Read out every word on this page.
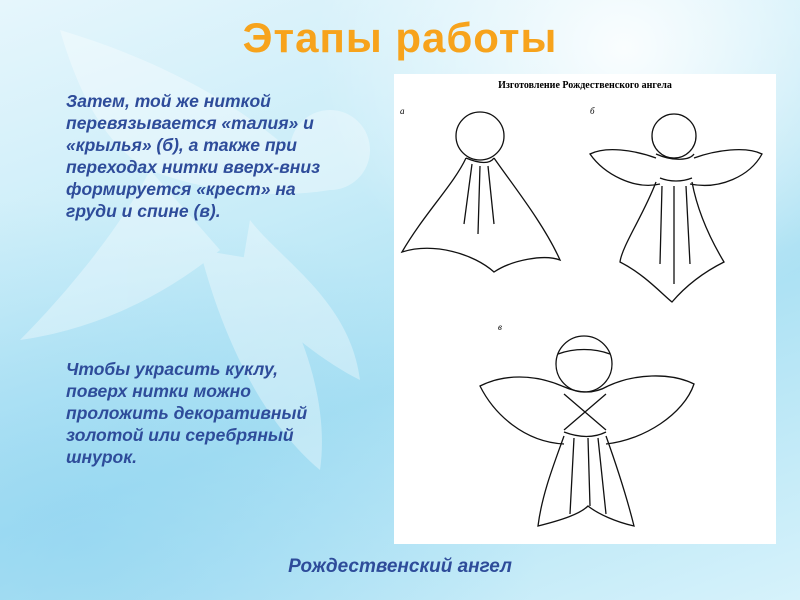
Этапы работы
Затем, той же ниткой
перевязывается «талия» и
«крылья» (б), а также при
переходах нитки вверх-вниз
формируется «крест» на
груди и спине (в).
Чтобы украсить куклу,
поверх нитки можно
проложить декоративный
золотой или серебряный
шнурок.
Изготовление Рождественского ангела
а	б
в
Рождественский ангел
